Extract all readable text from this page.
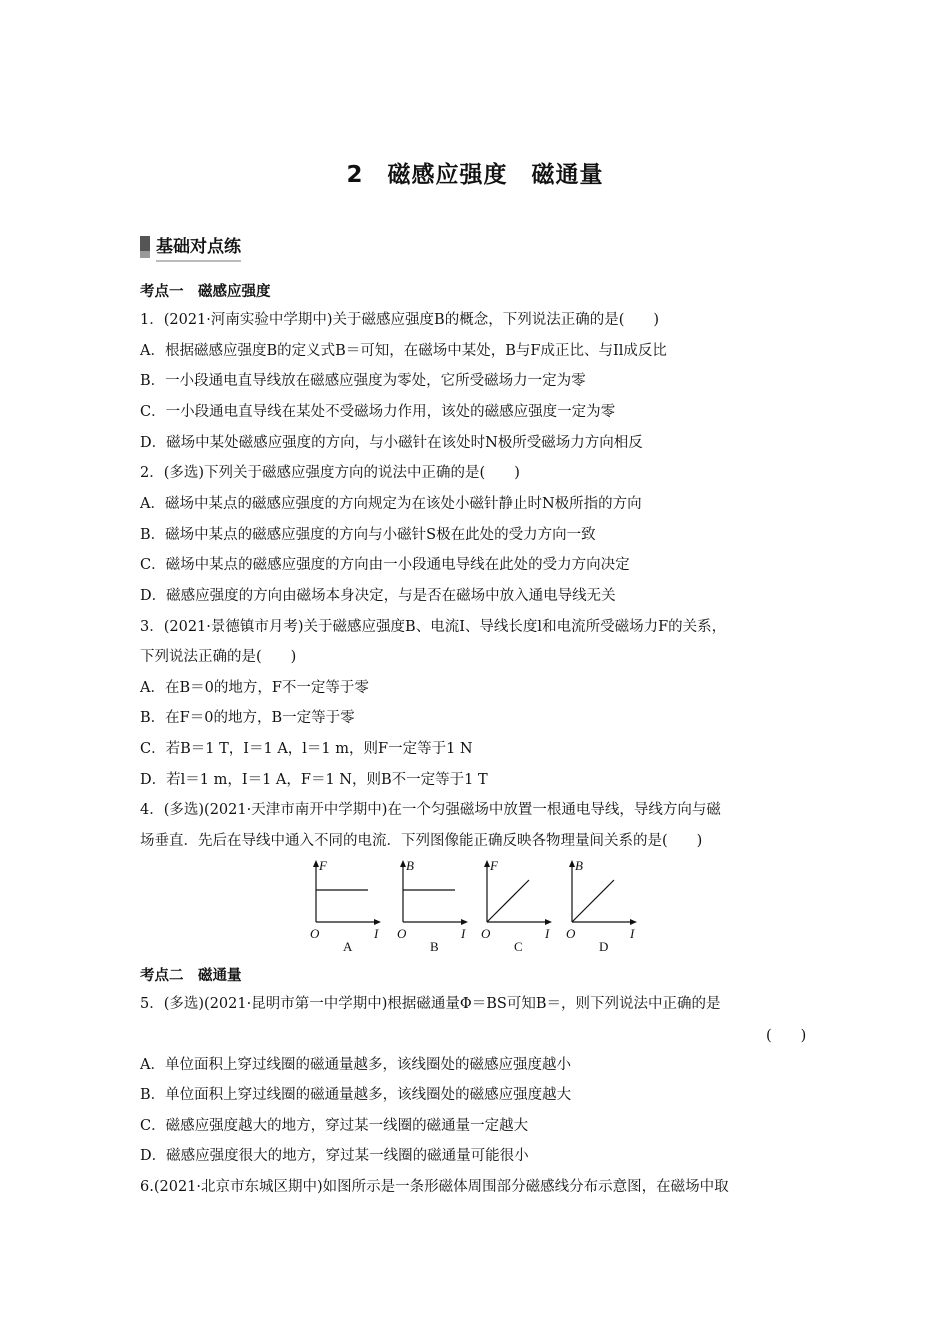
2　磁感应强度　磁通量
基础对点练
考点一　磁感应强度
1．(2021·河南实验中学期中)关于磁感应强度B的概念，下列说法正确的是(　　)
A．根据磁感应强度B的定义式B＝可知，在磁场中某处，B与F成正比、与Il成反比
B．一小段通电直导线放在磁感应强度为零处，它所受磁场力一定为零
C．一小段通电直导线在某处不受磁场力作用，该处的磁感应强度一定为零
D．磁场中某处磁感应强度的方向，与小磁针在该处时N极所受磁场力方向相反
2．(多选)下列关于磁感应强度方向的说法中正确的是(　　)
A．磁场中某点的磁感应强度的方向规定为在该处小磁针静止时N极所指的方向
B．磁场中某点的磁感应强度的方向与小磁针S极在此处的受力方向一致
C．磁场中某点的磁感应强度的方向由一小段通电导线在此处的受力方向决定
D．磁感应强度的方向由磁场本身决定，与是否在磁场中放入通电导线无关
3．(2021·景德镇市月考)关于磁感应强度B、电流I、导线长度l和电流所受磁场力F的关系，
下列说法正确的是(　　)
A．在B＝0的地方，F不一定等于零
B．在F＝0的地方，B一定等于零
C．若B＝1 T，I＝1 A，l＝1 m，则F一定等于1 N
D．若l＝1 m，I＝1 A，F＝1 N，则B不一定等于1 T
4．(多选)(2021·天津市南开中学期中)在一个匀强磁场中放置一根通电导线，导线方向与磁
场垂直．先后在导线中通入不同的电流．下列图像能正确反映各物理量间关系的是(　　)
F
O	I
A
B
O	I
B
F
O	I
C
B
O	I
D
考点二　磁通量
5．(多选)(2021·昆明市第一中学期中)根据磁通量Φ＝BS可知B＝，则下列说法中正确的是
(　　)
A．单位面积上穿过线圈的磁通量越多，该线圈处的磁感应强度越小
B．单位面积上穿过线圈的磁通量越多，该线圈处的磁感应强度越大
C．磁感应强度越大的地方，穿过某一线圈的磁通量一定越大
D．磁感应强度很大的地方，穿过某一线圈的磁通量可能很小
6.(2021·北京市东城区期中)如图所示是一条形磁体周围部分磁感线分布示意图，在磁场中取
